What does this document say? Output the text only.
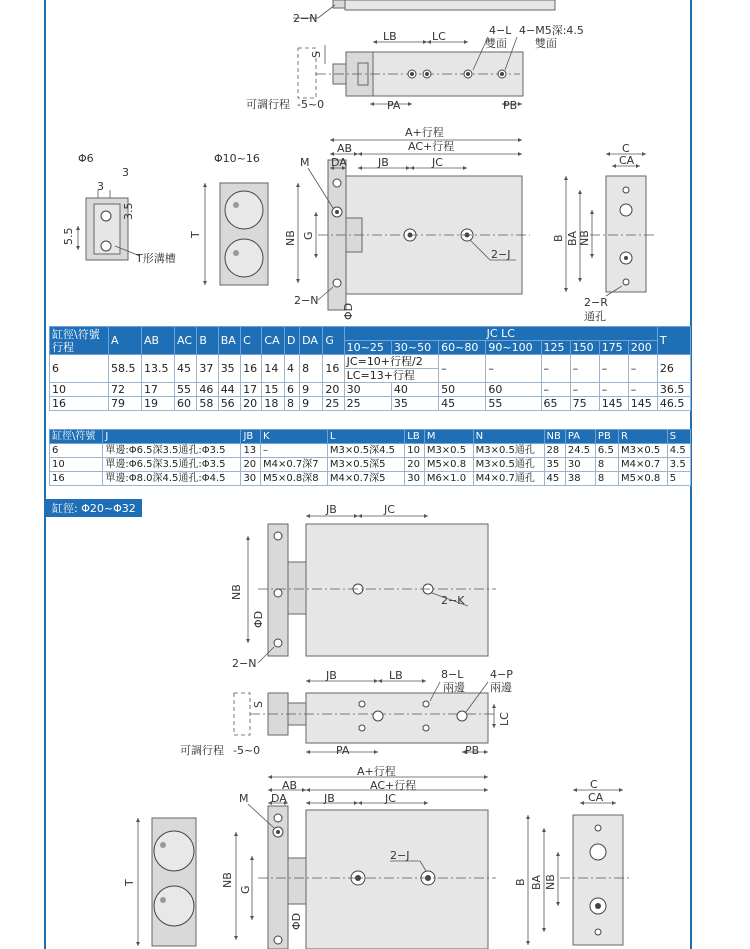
2−N
LB	LC	4−L
雙面
4−M5深:4.5
雙面
S
PA	PB
可調行程 -5~0
Φ6
3
3
3.5
5.5
T形溝槽
Φ10~16
T
A+行程
AC+行程
AB
DA	JB	JC
M
NB G
2−J
2−N
ΦD
C
CA
B BA NB
2−R
通孔
JB	JC
NB
ΦD
2−K
2−N
JB	LB	8−L
兩邊
4−P
兩邊
S
LC
PA	PB
可調行程 -5~0
T
A+行程
AC+行程
AB
DA	JB	JC
M
2−J
NB
G
ΦD
C
CA
B BA NB
缸徑\符號
行程	A	AB	AC	B	BA	C	CA	D	DA	G	JC LC								T
											10~25	30~50	60~80	90~100	125	150	175	200	
6	58.5	13.5	45	37	35	16	14	4	8	16	JC=10+行程/2		–	–	–	–	–	–	26
											LC=13+行程								
10	72	17	55	46	44	17	15	6	9	20	30	40	50	60	–	–	–	–	36.5
16	79	19	60	58	56	20	18	8	9	25	25	35	45	55	65	75	145	145	46.5
缸徑\符號	J	JB	K	L	LB	M	N	NB	PA	PB	R	S
6	單邊:Φ6.5深3.5通孔:Φ3.5	13	–	M3×0.5深4.5	10	M3×0.5	M3×0.5通孔	28	24.5	6.5	M3×0.5	4.5
10	單邊:Φ6.5深3.5通孔:Φ3.5	20	M4×0.7深7	M3×0.5深5	20	M5×0.8	M3×0.5通孔	35	30	8	M4×0.7	3.5
16	單邊:Φ8.0深4.5通孔:Φ4.5	30	M5×0.8深8	M4×0.7深5	30	M6×1.0	M4×0.7通孔	45	38	8	M5×0.8	5
缸徑: Φ20~Φ32
